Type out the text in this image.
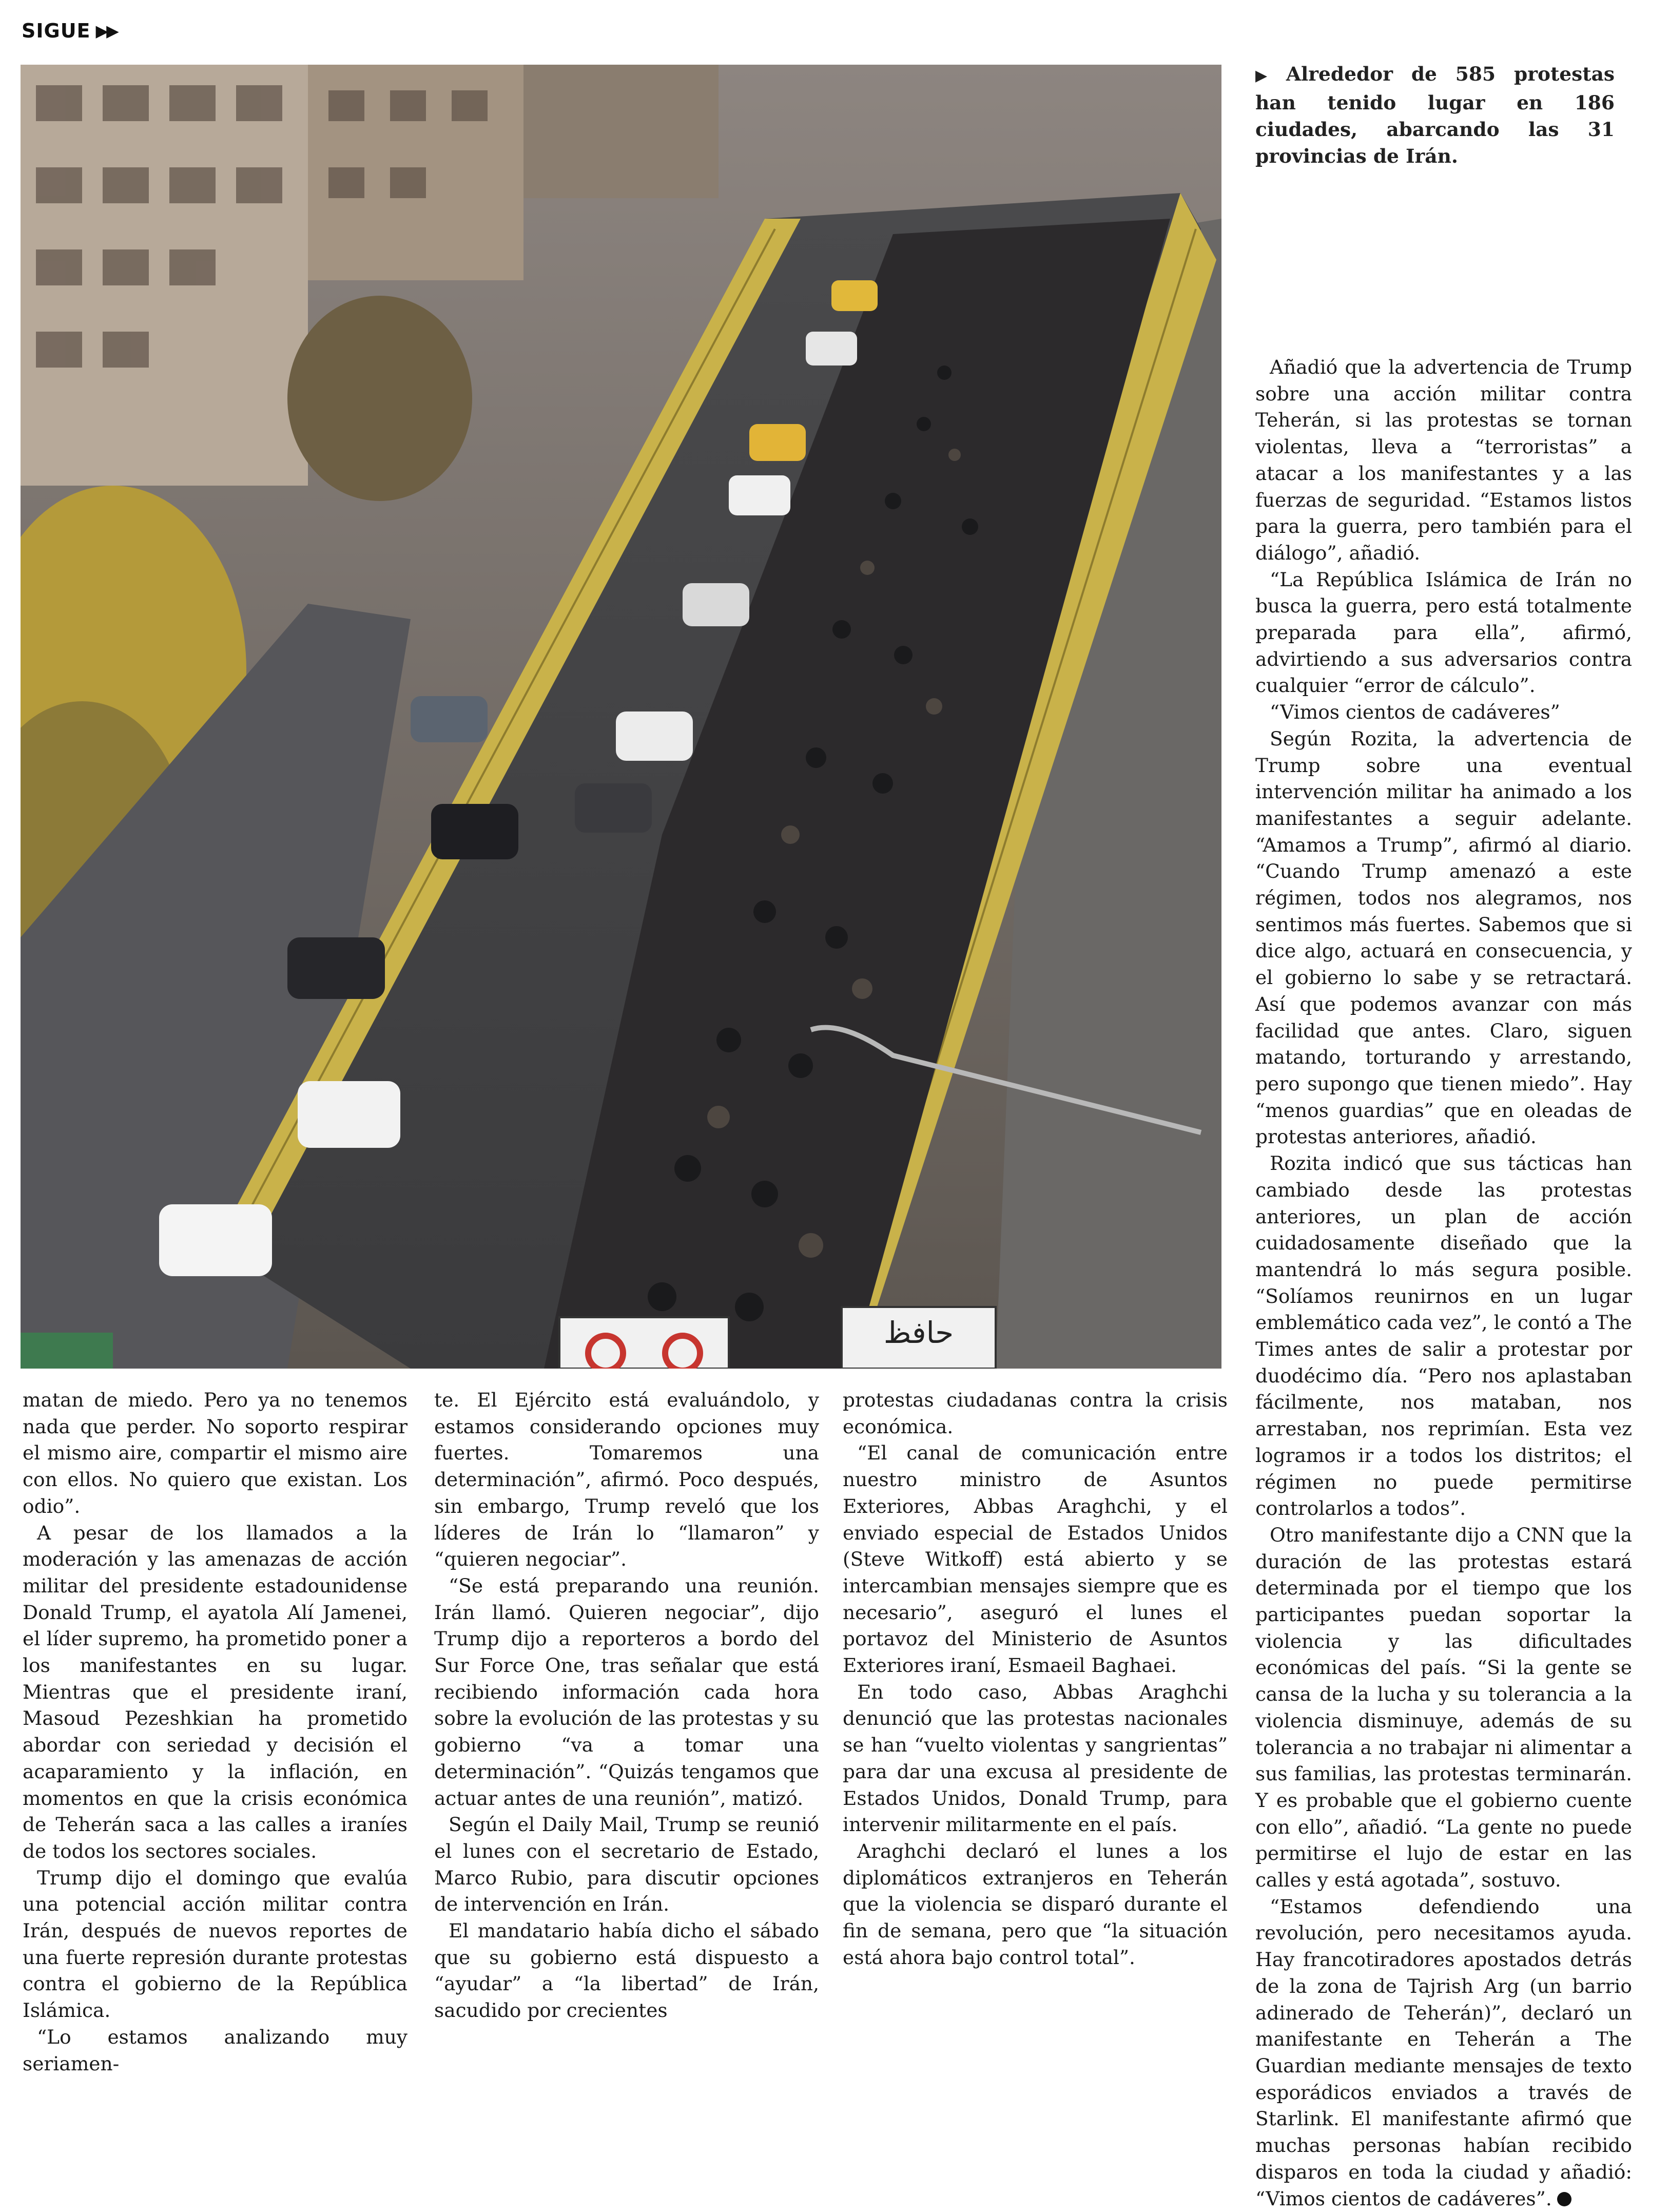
SIGUE ▶▶
حافظ
▶ Alrededor de 585 protestas han tenido lugar en 186 ciudades, abarcando las 31 provincias de Irán.

matan de miedo. Pero ya no tenemos nada que perder. No soporto respirar el mismo aire, compartir el mismo aire con ellos. No quiero que existan. Los odio”.

A pesar de los llamados a la moderación y las amenazas de acción militar del presidente estadounidense Donald Trump, el ayatola Alí Jamenei, el líder supremo, ha prometido poner a los manifestantes en su lugar. Mientras que el presidente iraní, Masoud Pezeshkian ha prometido abordar con seriedad y decisión el acaparamiento y la inflación, en momentos en que la crisis económica de Teherán saca a las calles a iraníes de todos los sectores sociales.

Trump dijo el domingo que evalúa una potencial acción militar contra Irán, después de nuevos reportes de una fuerte represión durante protestas contra el gobierno de la República Islámica.

“Lo estamos analizando muy seriamen-

te. El Ejército está evaluándolo, y estamos considerando opciones muy fuertes. Tomaremos una determinación”, afirmó. Poco después, sin embargo, Trump reveló que los líderes de Irán lo “llamaron” y “quieren negociar”.

“Se está preparando una reunión. Irán llamó. Quieren negociar”, dijo Trump dijo a reporteros a bordo del Sur Force One, tras señalar que está recibiendo información cada hora sobre la evolución de las protestas y su gobierno “va a tomar una determinación”. “Quizás tengamos que actuar antes de una reunión”, matizó.

Según el Daily Mail, Trump se reunió el lunes con el secretario de Estado, Marco Rubio, para discutir opciones de intervención en Irán.

El mandatario había dicho el sábado que su gobierno está dispuesto a “ayudar” a “la libertad” de Irán, sacudido por crecientes

protestas ciudadanas contra la crisis económica.

“El canal de comunicación entre nuestro ministro de Asuntos Exteriores, Abbas Araghchi, y el enviado especial de Estados Unidos (Steve Witkoff) está abierto y se intercambian mensajes siempre que es necesario”, aseguró el lunes el portavoz del Ministerio de Asuntos Exteriores iraní, Esmaeil Baghaei.

En todo caso, Abbas Araghchi denunció que las protestas nacionales se han “vuelto violentas y sangrientas” para dar una excusa al presidente de Estados Unidos, Donald Trump, para intervenir militarmente en el país.

Araghchi declaró el lunes a los diplomáticos extranjeros en Teherán que la violencia se disparó durante el fin de semana, pero que “la situación está ahora bajo control total”.

Añadió que la advertencia de Trump sobre una acción militar contra Teherán, si las protestas se tornan violentas, lleva a “terroristas” a atacar a los manifestantes y a las fuerzas de seguridad. “Estamos listos para la guerra, pero también para el diálogo”, añadió.

“La República Islámica de Irán no busca la guerra, pero está totalmente preparada para ella”, afirmó, advirtiendo a sus adversarios contra cualquier “error de cálculo”.

“Vimos cientos de cadáveres”

Según Rozita, la advertencia de Trump sobre una eventual intervención militar ha animado a los manifestantes a seguir adelante. “Amamos a Trump”, afirmó al diario. “Cuando Trump amenazó a este régimen, todos nos alegramos, nos sentimos más fuertes. Sabemos que si dice algo, actuará en consecuencia, y el gobierno lo sabe y se retractará. Así que podemos avanzar con más facilidad que antes. Claro, siguen matando, torturando y arrestando, pero supongo que tienen miedo”. Hay “menos guardias” que en oleadas de protestas anteriores, añadió.

Rozita indicó que sus tácticas han cambiado desde las protestas anteriores, un plan de acción cuidadosamente diseñado que la mantendrá lo más segura posible. “Solíamos reunirnos en un lugar emblemático cada vez”, le contó a The Times antes de salir a protestar por duodécimo día. “Pero nos aplastaban fácilmente, nos mataban, nos arrestaban, nos reprimían. Esta vez logramos ir a todos los distritos; el régimen no puede permitirse controlarlos a todos”.

Otro manifestante dijo a CNN que la duración de las protestas estará determinada por el tiempo que los participantes puedan soportar la violencia y las dificultades económicas del país. “Si la gente se cansa de la lucha y su tolerancia a la violencia disminuye, además de su tolerancia a no trabajar ni alimentar a sus familias, las protestas terminarán. Y es probable que el gobierno cuente con ello”, añadió. “La gente no puede permitirse el lujo de estar en las calles y está agotada”, sostuvo.

“Estamos defendiendo una revolución, pero necesitamos ayuda. Hay francotiradores apostados detrás de la zona de Tajrish Arg (un barrio adinerado de Teherán)”, declaró un manifestante en Teherán a The Guardian mediante mensajes de texto esporádicos enviados a través de Starlink. El manifestante afirmó que muchas personas habían recibido disparos en toda la ciudad y añadió: “Vimos cientos de cadáveres”.
